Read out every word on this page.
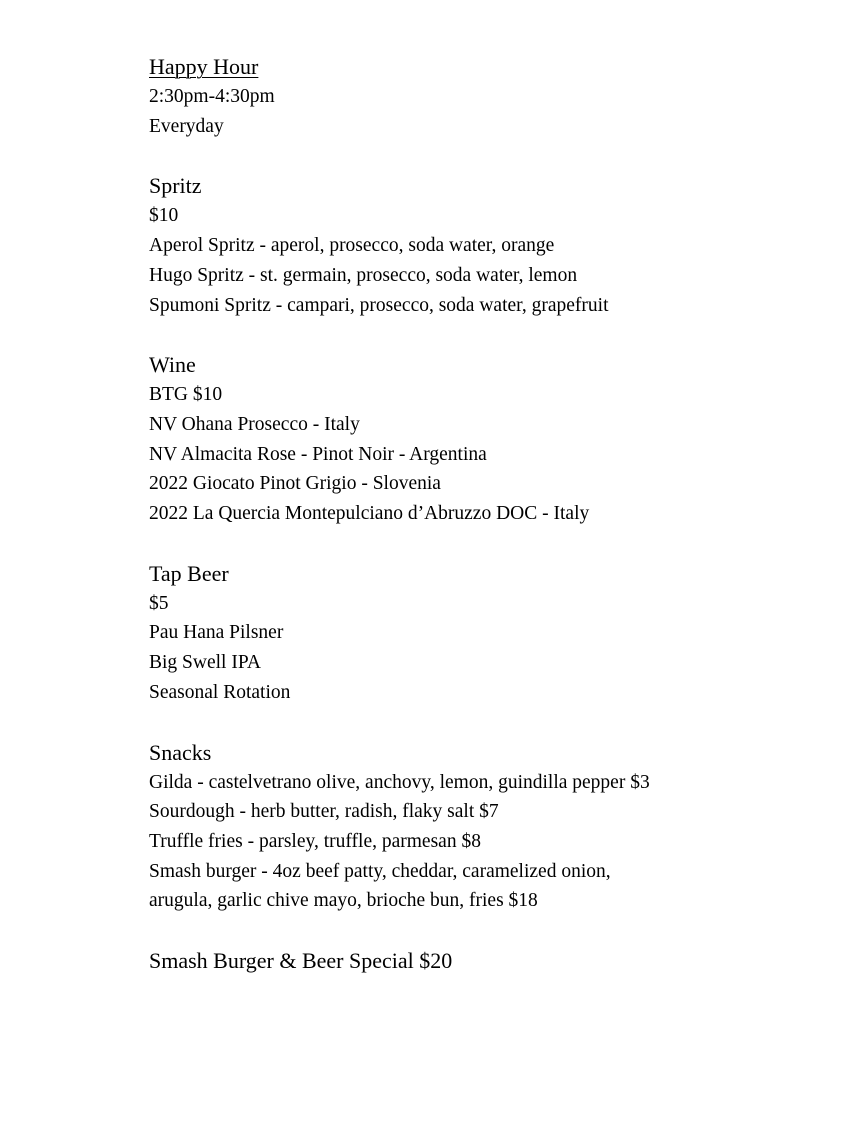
Happy Hour

2:30pm-4:30pm

Everyday

Spritz

$10

Aperol Spritz - aperol, prosecco, soda water, orange

Hugo Spritz - st. germain, prosecco, soda water, lemon

Spumoni Spritz - campari, prosecco, soda water, grapefruit

Wine

BTG $10

NV Ohana Prosecco - Italy

NV Almacita Rose - Pinot Noir - Argentina

2022 Giocato Pinot Grigio - Slovenia

2022 La Quercia Montepulciano d’Abruzzo DOC - Italy

Tap Beer

$5

Pau Hana Pilsner

Big Swell IPA

Seasonal Rotation

Snacks

Gilda - castelvetrano olive, anchovy, lemon, guindilla pepper $3

Sourdough - herb butter, radish, flaky salt $7

Truffle fries - parsley, truffle, parmesan $8

Smash burger - 4oz beef patty, cheddar, caramelized onion,

arugula, garlic chive mayo, brioche bun, fries $18

Smash Burger & Beer Special $20
